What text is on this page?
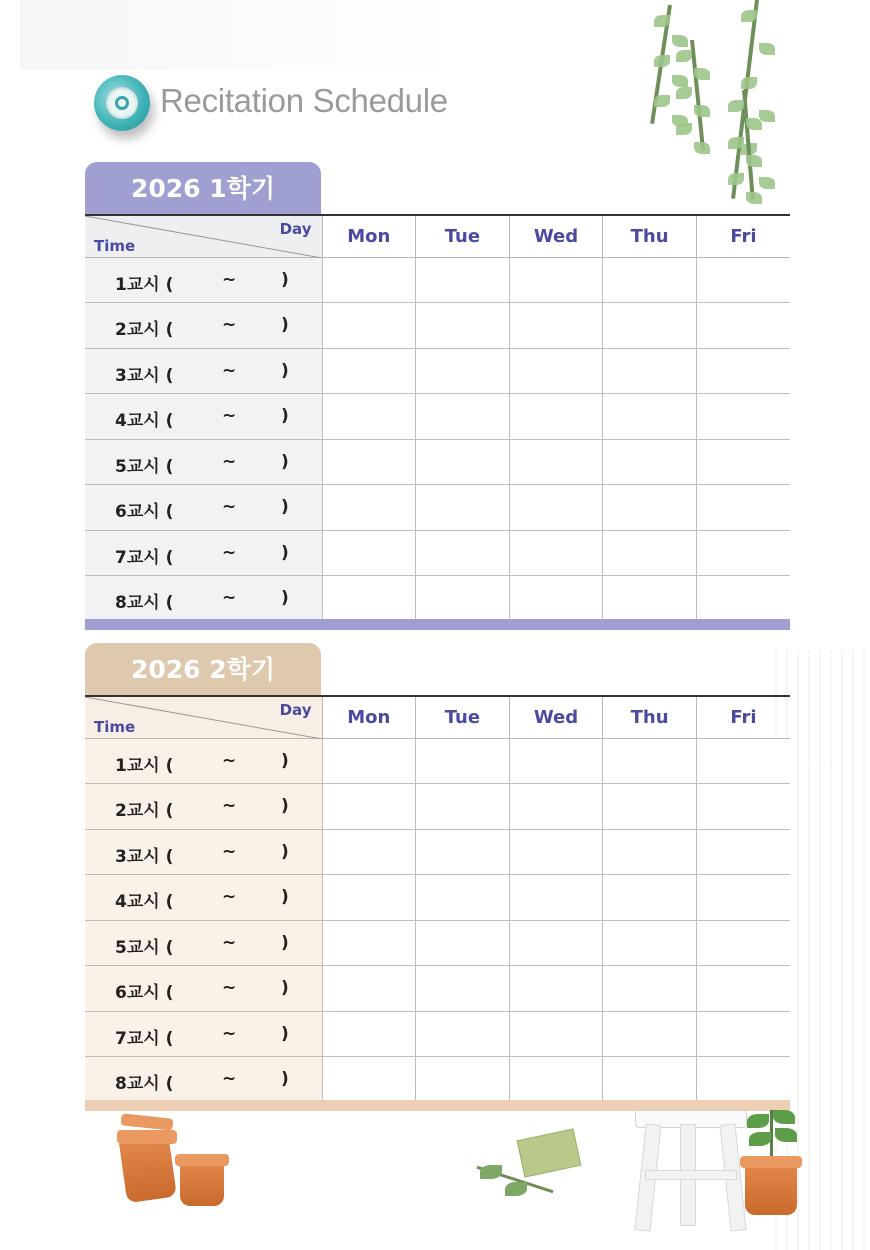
Recitation Schedule
2026 1학기
Day
Time	Mon	Tue	Wed	Thu	Fri

1교시 ( ~ )					

2교시 ( ~ )					

3교시 ( ~ )					

4교시 ( ~ )					

5교시 ( ~ )					

6교시 ( ~ )					

7교시 ( ~ )					

8교시 ( ~ )					

2026 2학기
Day
Time	Mon	Tue	Wed	Thu	Fri

1교시 ( ~ )					

2교시 ( ~ )					

3교시 ( ~ )					

4교시 ( ~ )					

5교시 ( ~ )					

6교시 ( ~ )					

7교시 ( ~ )					

8교시 ( ~ )					
